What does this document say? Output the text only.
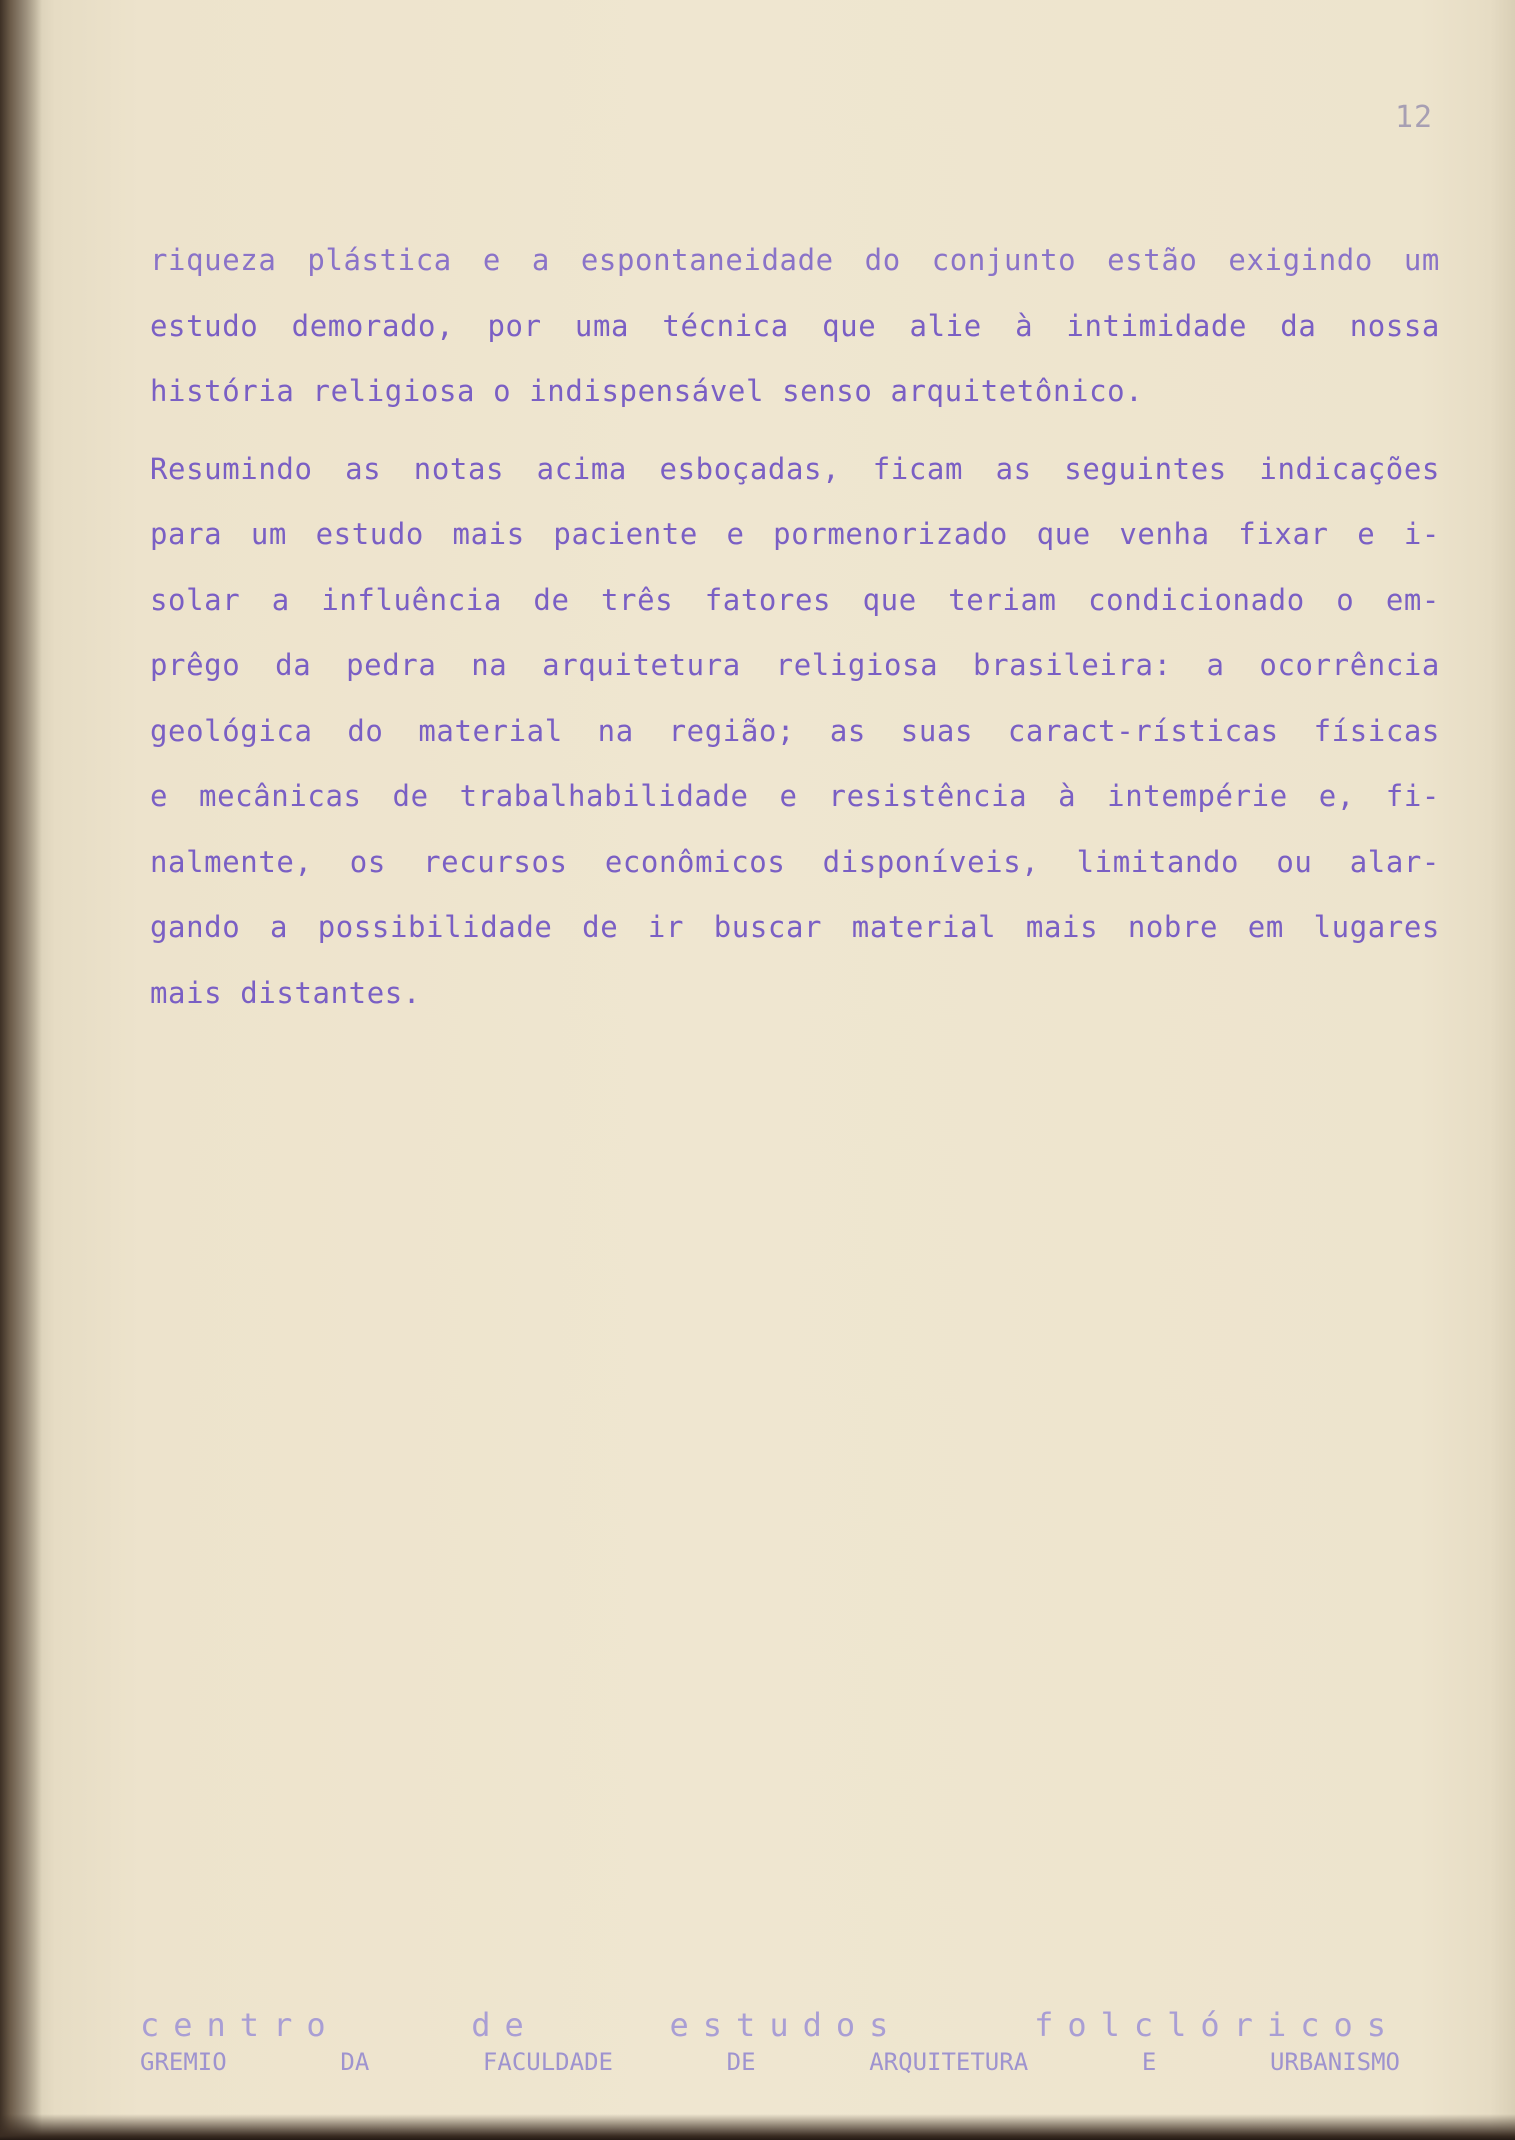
12
riqueza plástica e a espontaneidade do conjunto estão exigindo um
estudo demorado, por uma técnica que alie à intimidade da nossa
história religiosa o indispensável senso arquitetônico.
Resumindo as notas acima esboçadas, ficam as seguintes indicações
para um estudo mais paciente e pormenorizado que venha fixar e i-
solar a influência de três fatores que teriam condicionado o em-
prêgo da pedra na arquitetura religiosa brasileira: a ocorrência
geológica do material na região; as suas caract-rísticas físicas
e mecânicas de trabalhabilidade e resistência à intempérie e, fi-
nalmente, os recursos econômicos disponíveis, limitando ou alar-
gando a possibilidade de ir buscar material mais nobre em lugares
mais distantes.
centro de estudos folclóricos
GREMIO DA FACULDADE DE ARQUITETURA E URBANISMO
